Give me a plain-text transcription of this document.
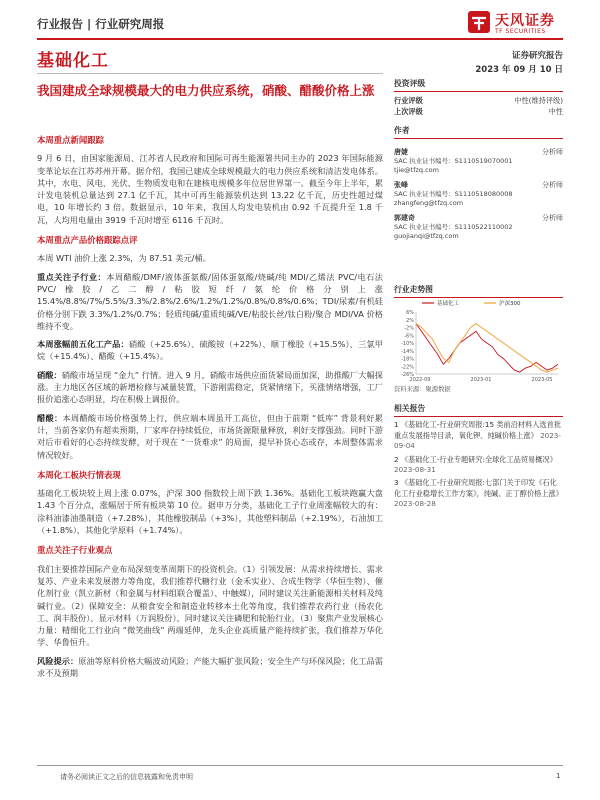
行业报告 | 行业研究周报	天风证券
TF SECURITIES
基础化工	证券研究报告
2023 年 09 月 10 日
我国建成全球规模最大的电力供应系统，硝酸、醋酸价格上涨
本周重点新闻跟踪

9 月 6 日，由国家能源局、江苏省人民政府和国际可再生能源署共同主办的 2023 年国际能源变革论坛在江苏苏州开幕。据介绍，我国已建成全球规模最大的电力供应系统和清洁发电体系。其中，水电、风电、光伏、生物质发电和在建核电规模多年位居世界第一。截至今年上半年，累计发电装机总量达到 27.1 亿千瓦，其中可再生能源装机达到 13.22 亿千瓦，历史性超过煤电，10 年增长约 3 倍。数据显示，10 年来，我国人均发电装机由 0.92 千瓦提升至 1.8 千瓦，人均用电量由 3919 千瓦时增至 6116 千瓦时。

本周重点产品价格跟踪点评

本周 WTI 油价上涨 2.3%，为 87.51 美元/桶。

重点关注子行业：本周醋酸/DMF/液体蛋氨酸/固体蛋氨酸/烧碱/纯 MDI/乙烯法 PVC/电石法 PVC/橡胶/乙二醇/粘胶短纤/氨纶价格分别上涨 15.4%/8.8%/7%/5.5%/3.3%/2.8%/2.6%/1.2%/1.2%/0.8%/0.8%/0.6%；TDI/尿素/有机硅价格分别下跌 3.3%/1.2%/0.7%；轻质纯碱/重质纯碱/VE/粘胶长丝/钛白粉/聚合 MDI/VA 价格维持不变。

本周涨幅前五化工产品：硝酸（+25.6%）、硫酸铵（+22%）、顺丁橡胶（+15.5%）、三氯甲烷（+15.4%）、醋酸（+15.4%）。

硝酸：硝酸市场呈现 “金九” 行情。进入 9 月，硝酸市场供应面货紧局面加深，助推酸厂大幅探涨。主力地区各区域的新增检修与减量装置，下游刚需稳定，货紧情绪下，买涨情绪增强，工厂报价追涨心态明显，均在积极上调报价。

醋酸：本周醋酸市场价格强势上行，供应端本周虽开工高位，但由于前期 “低库” 背景利好累计，当前各家仍有超卖预期，厂家库存持续低位，市场货源限量释放，利好支撑强劲。同时下游对后市看好的心态持续发酵，对于现在 “一货难求” 的局面，提早补货心态或存，本周整体需求情况较好。

本周化工板块行情表现

基础化工板块较上周上涨 0.07%，沪深 300 指数较上周下跌 1.36%。基础化工板块跑赢大盘 1.43 个百分点，涨幅居于所有板块第 10 位。据申万分类，基础化工子行业周涨幅较大的有：涂料油漆油墨制造（+7.28%），其他橡胶制品（+3%），其他塑料制品（+2.19%），石油加工（+1.8%），其他化学原料（+1.74%）。

重点关注子行业观点

我们主要推荐国际产业布局深刻变革周期下的投资机会。（1）引领发展：从需求持续增长、需求复苏、产业未来发展潜力等角度，我们推荐代糖行业（金禾实业）、合成生物学（华恒生物）、催化剂行业（凯立新材（和金属与材料组联合覆盖）、中触媒），同时建议关注新能源相关材料及纯碱行业。（2）保障安全：从粮食安全和制造业转移本土化等角度，我们推荐农药行业（扬农化工、润丰股份）、显示材料（万润股份），同时建议关注磷肥和轮胎行业。（3）聚焦产业发展核心力量：精细化工行业向 “微笑曲线” 两端延伸，龙头企业高质量产能持续扩张，我们推荐万华化学、华鲁恒升。

风险提示：原油等原料价格大幅波动风险；产能大幅扩张风险；安全生产与环保风险；化工品需求不及预期

投资评级
行业评级	中性(维持评级)
上次评级	中性
作者
唐婕	分析师
SAC 执业证书编号：S1110519070001
tjie@tfzq.com
张峰	分析师
SAC 执业证书编号：S1110518080008
zhangfeng@tfzq.com
郭建奇	分析师
SAC 执业证书编号：S1110522110002
guojianqi@tfzq.com
行业走势图
6%
2%
-2%
-6%
-10%
-14%
-18%
-22%
-26%
2022-09	2023-01	2023-05
基础化工	沪深300
资料来源：聚源数据
相关报告
1 《基础化工-行业研究周报:15 类前沿材料入选首批重点发展指导目录，氧化钾、纯碱价格上涨》 2023-09-04
2 《基础化工-行业专题研究:全球化工品贸易概况》 2023-08-31
3 《基础化工-行业研究周报:七部门关于印发《石化化工行业稳增长工作方案》，纯碱、正丁醇价格上涨》
2023-08-28
请务必阅读正文之后的信息披露和免责申明	1
